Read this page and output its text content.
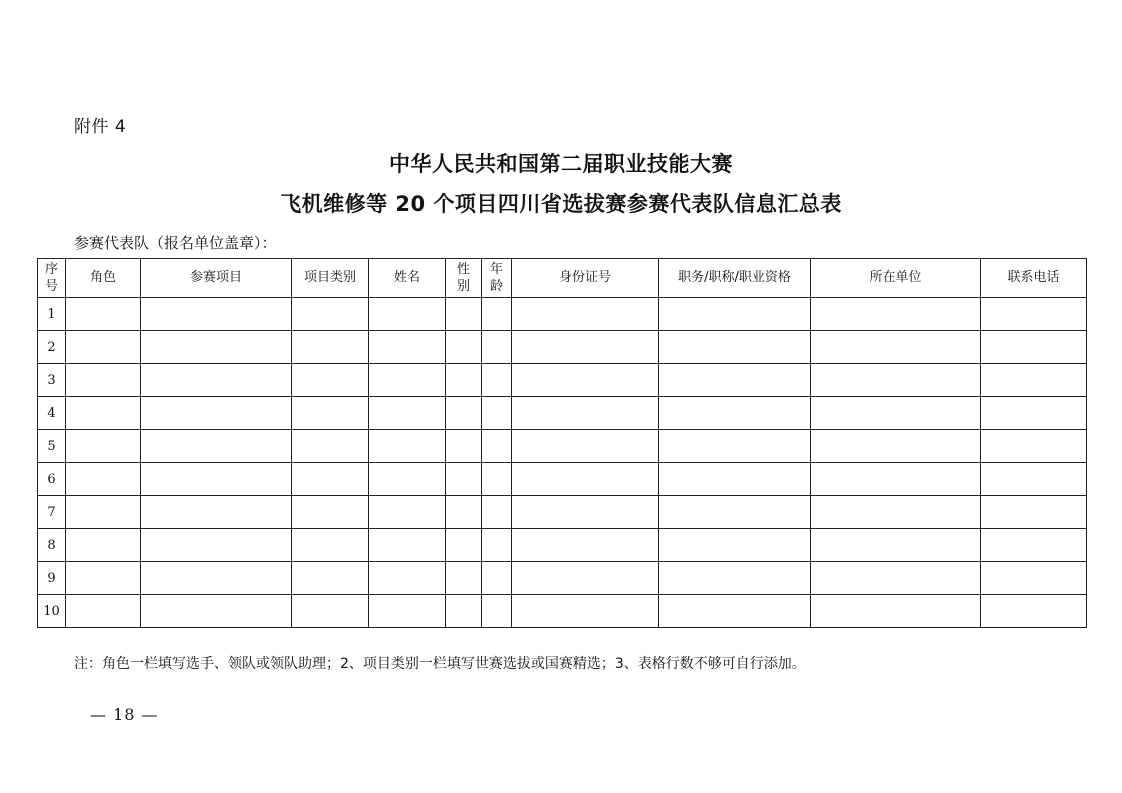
附件 4
中华人民共和国第二届职业技能大赛
飞机维修等 20 个项目四川省选拔赛参赛代表队信息汇总表
参赛代表队（报名单位盖章）：
序号	角色	参赛项目	项目类别	姓名	性别	年龄	身份证号	职务/职称/职业资格	所在单位	联系电话
1										
2										
3										
4										
5										
6										
7										
8										
9										
10										
注：角色一栏填写选手、领队或领队助理；2、项目类别一栏填写世赛选拔或国赛精选；3、表格行数不够可自行添加。
— 18 —
